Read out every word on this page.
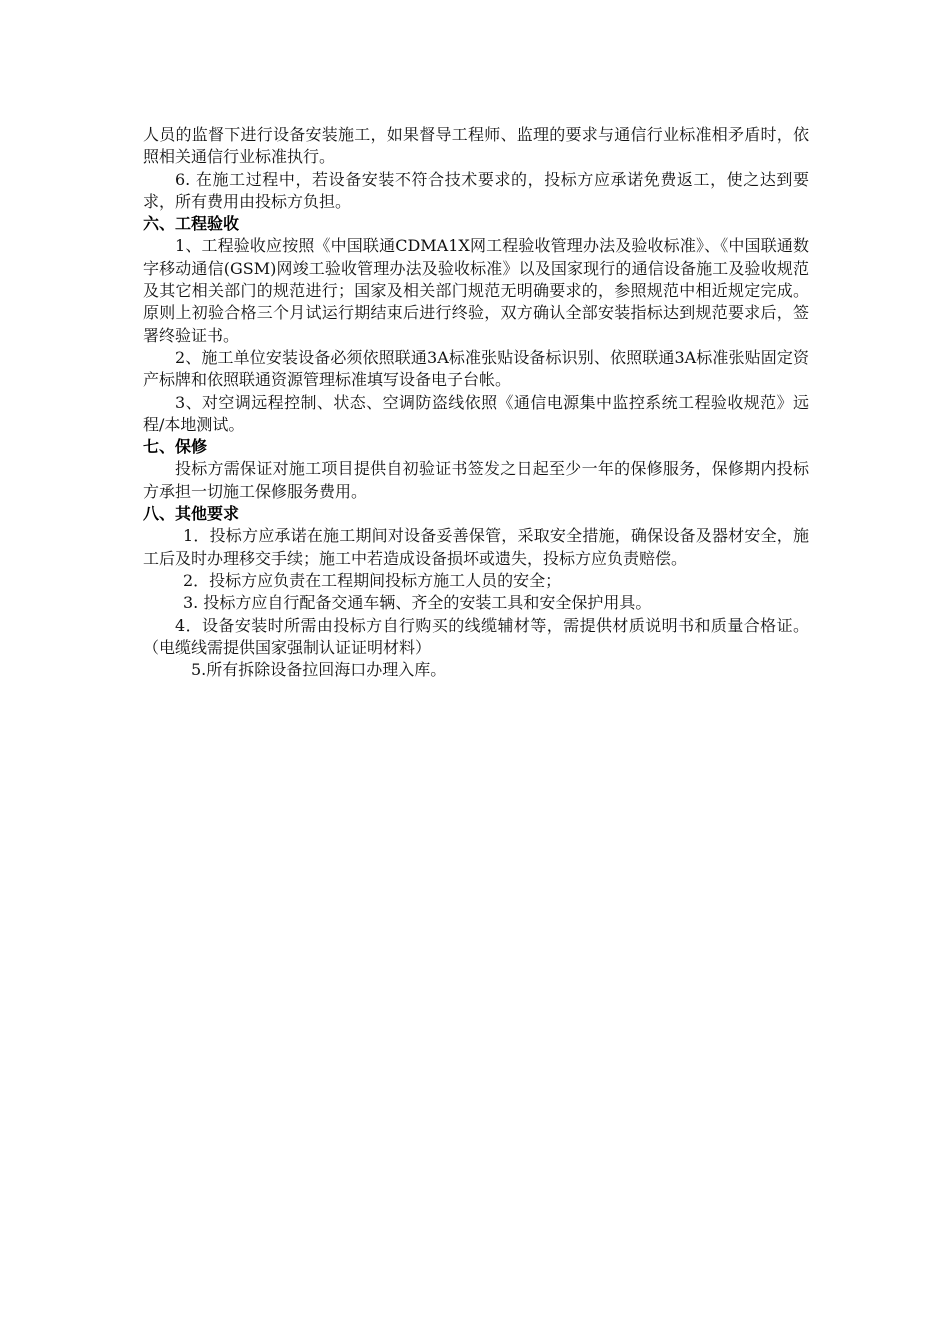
人员的监督下进行设备安装施工，如果督导工程师、监理的要求与通信行业标准相矛盾时，依照相关通信行业标准执行。

6. 在施工过程中，若设备安装不符合技术要求的，投标方应承诺免费返工，使之达到要求，所有费用由投标方负担。

六、工程验收

1、工程验收应按照《中国联通CDMA1X网工程验收管理办法及验收标准》、《中国联通数字移动通信(GSM)网竣工验收管理办法及验收标准》以及国家现行的通信设备施工及验收规范及其它相关部门的规范进行；国家及相关部门规范无明确要求的，参照规范中相近规定完成。原则上初验合格三个月试运行期结束后进行终验，双方确认全部安装指标达到规范要求后，签署终验证书。

2、施工单位安装设备必须依照联通3A标准张贴设备标识别、依照联通3A标准张贴固定资产标牌和依照联通资源管理标准填写设备电子台帐。

3、对空调远程控制、状态、空调防盗线依照《通信电源集中监控系统工程验收规范》远程/本地测试。

七、保修

投标方需保证对施工项目提供自初验证书签发之日起至少一年的保修服务，保修期内投标方承担一切施工保修服务费用。

八、其他要求

1．投标方应承诺在施工期间对设备妥善保管，采取安全措施，确保设备及器材安全，施工后及时办理移交手续；施工中若造成设备损坏或遗失，投标方应负责赔偿。

2．投标方应负责在工程期间投标方施工人员的安全；

3. 投标方应自行配备交通车辆、齐全的安装工具和安全保护用具。

4．设备安装时所需由投标方自行购买的线缆辅材等，需提供材质说明书和质量合格证。（电缆线需提供国家强制认证证明材料）

5.所有拆除设备拉回海口办理入库。
